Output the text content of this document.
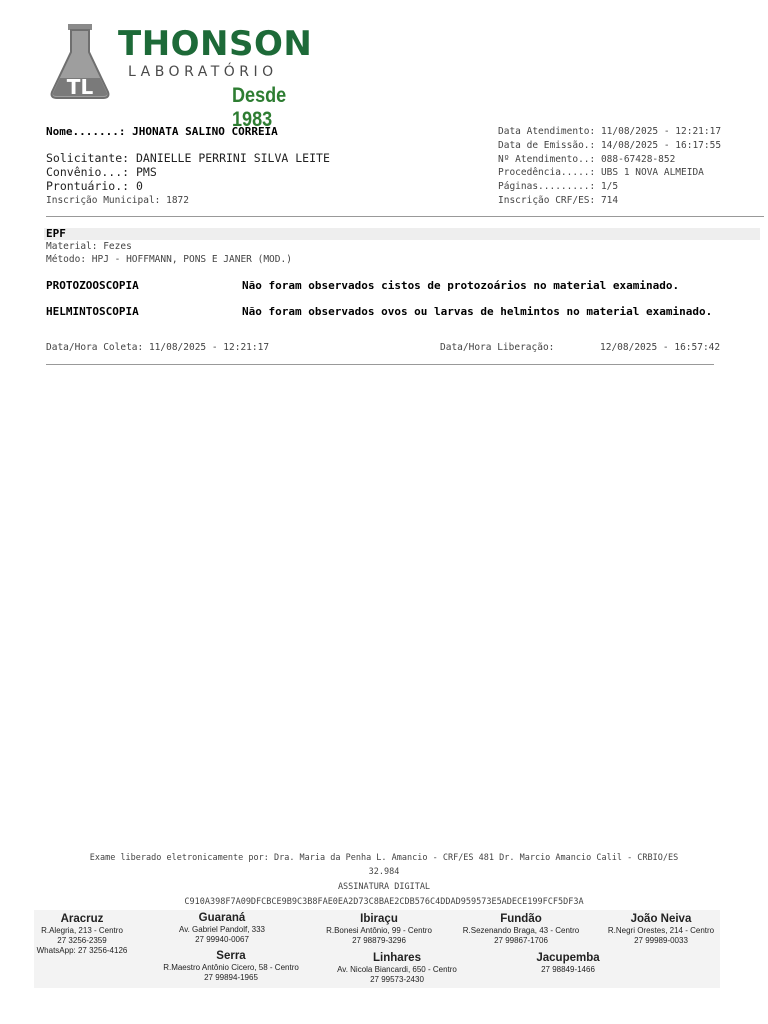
TL
THONSON
LABORATÓRIO
Desde 1983
Nome.......: JHONATA SALINO CORREIA
Solicitante: DANIELLE PERRINI SILVA LEITE
Convênio...: PMS
Prontuário.: 0
Inscrição Municipal: 1872
Data Atendimento: 11/08/2025 - 12:21:17
Data de Emissão.: 14/08/2025 - 16:17:55
Nº Atendimento..: 088-67428-852
Procedência.....: UBS 1 NOVA ALMEIDA
Páginas.........: 1/5
Inscrição CRF/ES: 714
EPF
Material: Fezes
Método: HPJ - HOFFMANN, PONS E JANER (MOD.)
PROTOZOOSCOPIA	Não foram observados cistos de protozoários no material examinado.
HELMINTOSCOPIA	Não foram observados ovos ou larvas de helmintos no material examinado.
Data/Hora Coleta: 11/08/2025 - 12:21:17	Data/Hora Liberação:	12/08/2025 - 16:57:42
Exame liberado eletronicamente por: Dra. Maria da Penha L. Amancio - CRF/ES 481 Dr. Marcio Amancio Calil - CRBIO/ES
32.984
ASSINATURA DIGITAL
C910A398F7A09DFCBCE9B9C3B8FAE0EA2D73C8BAE2CDB576C4DDAD959573E5ADECE199FCF5DF3A
Aracruz
R.Alegria, 213 - Centro
27 3256-2359
WhatsApp: 27 3256-4126
Guaraná
Av. Gabriel Pandolf, 333
27 99940-0067
Ibiraçu
R.Bonesi Antônio, 99 - Centro
27 98879-3296
Fundão
R.Sezenando Braga, 43 - Centro
27 99867-1706
João Neiva
R.Negri Orestes, 214 - Centro
27 99989-0033
Serra
R.Maestro Antônio Cicero, 58 - Centro
27 99894-1965
Linhares
Av. Nicola Biancardi, 650 - Centro
27 99573-2430
Jacupemba
27 98849-1466
